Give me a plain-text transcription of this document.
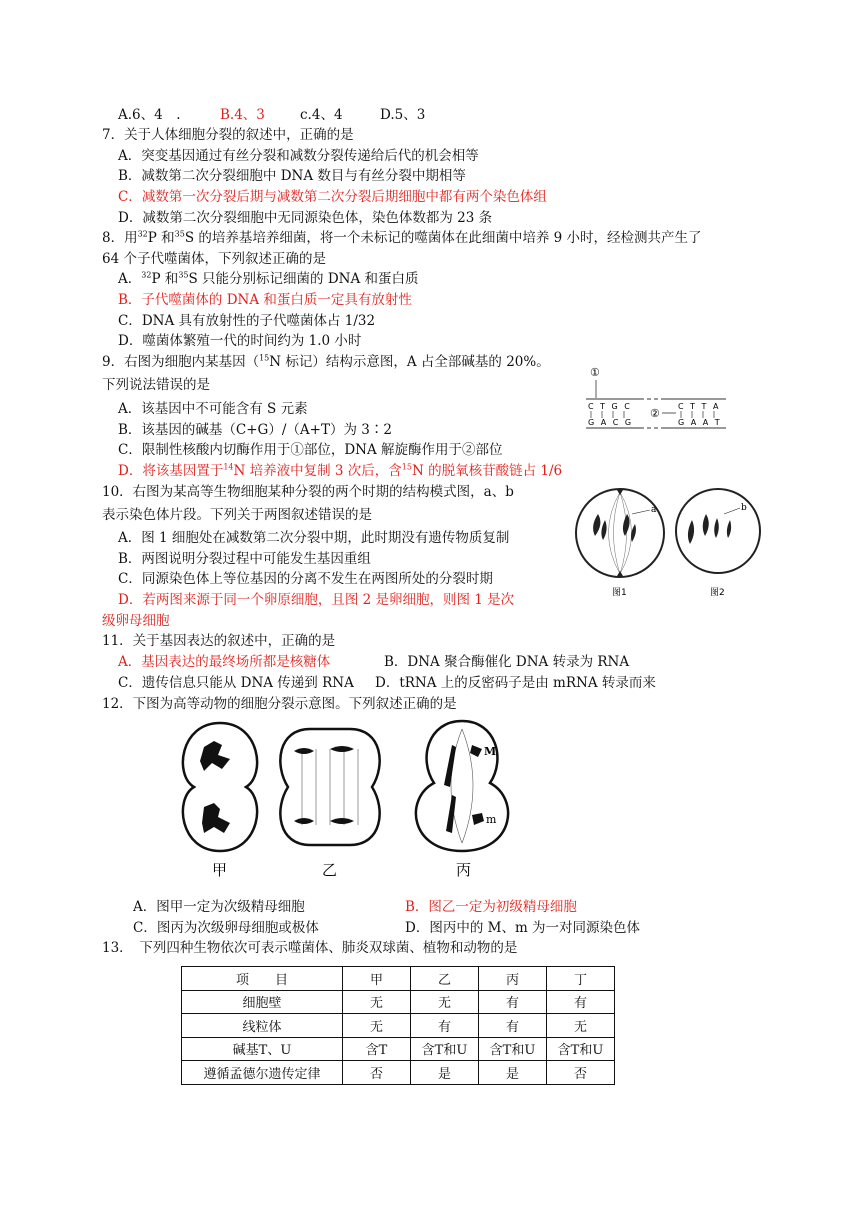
A.6、4　.	B.4、3	c.4、4	D.5、3
7．关于人体细胞分裂的叙述中，正确的是
A．突变基因通过有丝分裂和减数分裂传递给后代的机会相等
B．减数第二次分裂细胞中 DNA 数目与有丝分裂中期相等
C．减数第一次分裂后期与减数第二次分裂后期细胞中都有两个染色体组
D．减数第二次分裂细胞中无同源染色体，染色体数都为 23 条
8．用$^{32}$P 和$^{35}$S 的培养基培养细菌，将一个未标记的噬菌体在此细菌中培养 9 小时，经检测共产生了
64 个子代噬菌体，下列叙述正确的是
A．$^{32}$P 和$^{35}$S 只能分别标记细菌的 DNA 和蛋白质
B．子代噬菌体的 DNA 和蛋白质一定具有放射性
C．DNA 具有放射性的子代噬菌体占 1/32
D．噬菌体繁殖一代的时间约为 1.0 小时
9．右图为细胞内某基因（$^{15}$N 标记）结构示意图，A 占全部碱基的 20%。
下列说法错误的是
A．该基因中不可能含有 S 元素
B．该基因的碱基（C+G）/（A+T）为 3∶2
C．限制性核酸内切酶作用于①部位，DNA 解旋酶作用于②部位
D．将该基因置于$^{14}$N 培养液中复制 3 次后，含$^{15}$N 的脱氧核苷酸链占 1/6
①
C T G C
G A C G
C T T A
G A A T
②
10．右图为某高等生物细胞某种分裂的两个时期的结构模式图，a、b
表示染色体片段。下列关于两图叙述错误的是
A．图 1 细胞处在减数第二次分裂中期，此时期没有遗传物质复制
B．两图说明分裂过程中可能发生基因重组
C．同源染色体上等位基因的分离不发生在两图所处的分裂时期
D．若两图来源于同一个卵原细胞，且图 2 是卵细胞，则图 1 是次
级卵母细胞
a	b
图1	图2
11．关于基因表达的叙述中，正确的是
A．基因表达的最终场所都是核糖体	B．DNA 聚合酶催化 DNA 转录为 RNA
C．遗传信息只能从 DNA 传递到 RNA D．tRNA 上的反密码子是由 mRNA 转录而来
12．下图为高等动物的细胞分裂示意图。下列叙述正确的是
M
m
甲	乙	丙
A．图甲一定为次级精母细胞	B．图乙一定为初级精母细胞
C．图丙为次级卵母细胞或极体	D．图丙中的 M、m 为一对同源染色体
13．　下列四种生物依次可表示噬菌体、肺炎双球菌、植物和动物的是
项　　目	甲	乙	丙	丁
细胞壁	无	无	有	有
线粒体	无	有	有	无
碱基T、U	含T	含T和U	含T和U	含T和U
遵循孟德尔遗传定律	否	是	是	否
